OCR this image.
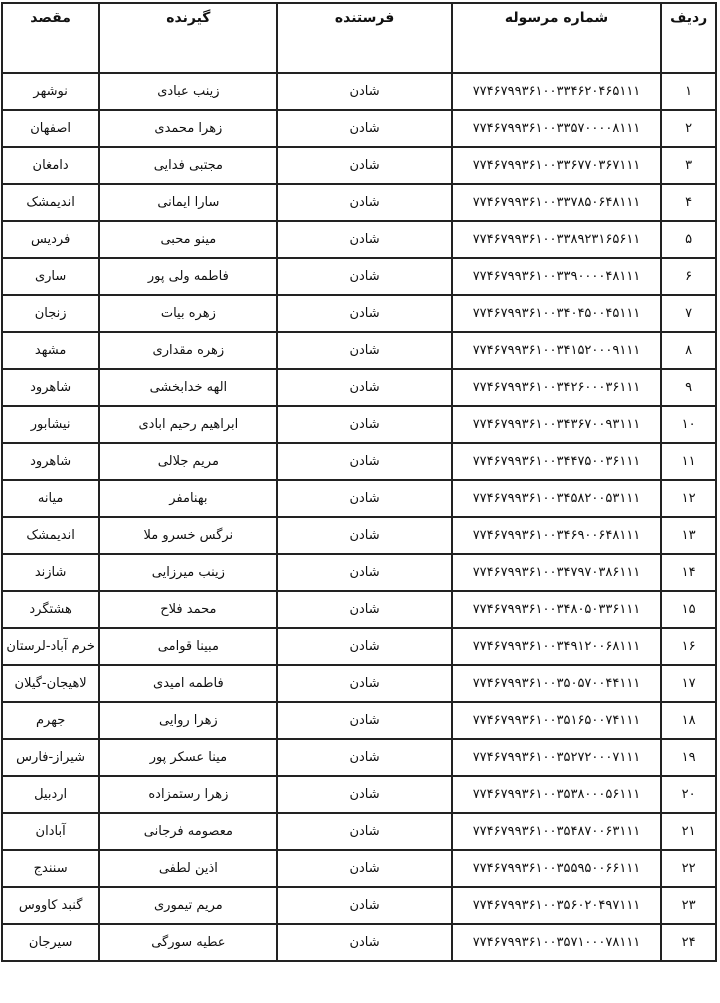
ردیف	شماره مرسوله	فرستنده	گیرنده	مقصد
۱	۷۷۴۶۷۹۹۳۶۱۰۰۳۳۴۶۲۰۴۶۵۱۱۱	شادن	زینب عبادی	نوشهر
۲	۷۷۴۶۷۹۹۳۶۱۰۰۳۳۵۷۰۰۰۰۸۱۱۱	شادن	زهرا محمدی	اصفهان
۳	۷۷۴۶۷۹۹۳۶۱۰۰۳۳۶۷۷۰۳۶۷۱۱۱	شادن	مجتبی فدایی	دامغان
۴	۷۷۴۶۷۹۹۳۶۱۰۰۳۳۷۸۵۰۶۴۸۱۱۱	شادن	سارا ایمانی	اندیمشک
۵	۷۷۴۶۷۹۹۳۶۱۰۰۳۳۸۹۲۳۱۶۵۶۱۱	شادن	مینو محبی	فردیس
۶	۷۷۴۶۷۹۹۳۶۱۰۰۳۳۹۰۰۰۰۴۸۱۱۱	شادن	فاطمه ولی پور	ساری
۷	۷۷۴۶۷۹۹۳۶۱۰۰۳۴۰۴۵۰۰۴۵۱۱۱	شادن	زهره بیات	زنجان
۸	۷۷۴۶۷۹۹۳۶۱۰۰۳۴۱۵۲۰۰۰۹۱۱۱	شادن	زهره مقداری	مشهد
۹	۷۷۴۶۷۹۹۳۶۱۰۰۳۴۲۶۰۰۰۳۶۱۱۱	شادن	الهه خدابخشی	شاهرود
۱۰	۷۷۴۶۷۹۹۳۶۱۰۰۳۴۳۶۷۰۰۹۳۱۱۱	شادن	ابراهیم رحیم ابادی	نیشابور
۱۱	۷۷۴۶۷۹۹۳۶۱۰۰۳۴۴۷۵۰۰۳۶۱۱۱	شادن	مریم جلالی	شاهرود
۱۲	۷۷۴۶۷۹۹۳۶۱۰۰۳۴۵۸۲۰۰۵۳۱۱۱	شادن	بهنامفر	میانه
۱۳	۷۷۴۶۷۹۹۳۶۱۰۰۳۴۶۹۰۰۶۴۸۱۱۱	شادن	نرگس خسرو ملا	اندیمشک
۱۴	۷۷۴۶۷۹۹۳۶۱۰۰۳۴۷۹۷۰۳۸۶۱۱۱	شادن	زینب میرزایی	شازند
۱۵	۷۷۴۶۷۹۹۳۶۱۰۰۳۴۸۰۵۰۳۳۶۱۱۱	شادن	محمد فلاح	هشتگرد
۱۶	۷۷۴۶۷۹۹۳۶۱۰۰۳۴۹۱۲۰۰۶۸۱۱۱	شادن	مبینا قوامی	خرم آباد-لرستان
۱۷	۷۷۴۶۷۹۹۳۶۱۰۰۳۵۰۵۷۰۰۴۴۱۱۱	شادن	فاطمه امیدی	لاهیجان-گیلان
۱۸	۷۷۴۶۷۹۹۳۶۱۰۰۳۵۱۶۵۰۰۷۴۱۱۱	شادن	زهرا روایی	جهرم
۱۹	۷۷۴۶۷۹۹۳۶۱۰۰۳۵۲۷۲۰۰۰۷۱۱۱	شادن	مینا عسکر پور	شیراز-فارس
۲۰	۷۷۴۶۷۹۹۳۶۱۰۰۳۵۳۸۰۰۰۵۶۱۱۱	شادن	زهرا رستمزاده	اردبیل
۲۱	۷۷۴۶۷۹۹۳۶۱۰۰۳۵۴۸۷۰۰۶۳۱۱۱	شادن	معصومه فرجانی	آبادان
۲۲	۷۷۴۶۷۹۹۳۶۱۰۰۳۵۵۹۵۰۰۶۶۱۱۱	شادن	اذین لطفی	سنندج
۲۳	۷۷۴۶۷۹۹۳۶۱۰۰۳۵۶۰۲۰۴۹۷۱۱۱	شادن	مریم تیموری	گنبد کاووس
۲۴	۷۷۴۶۷۹۹۳۶۱۰۰۳۵۷۱۰۰۰۷۸۱۱۱	شادن	عطیه سورگی	سیرجان
